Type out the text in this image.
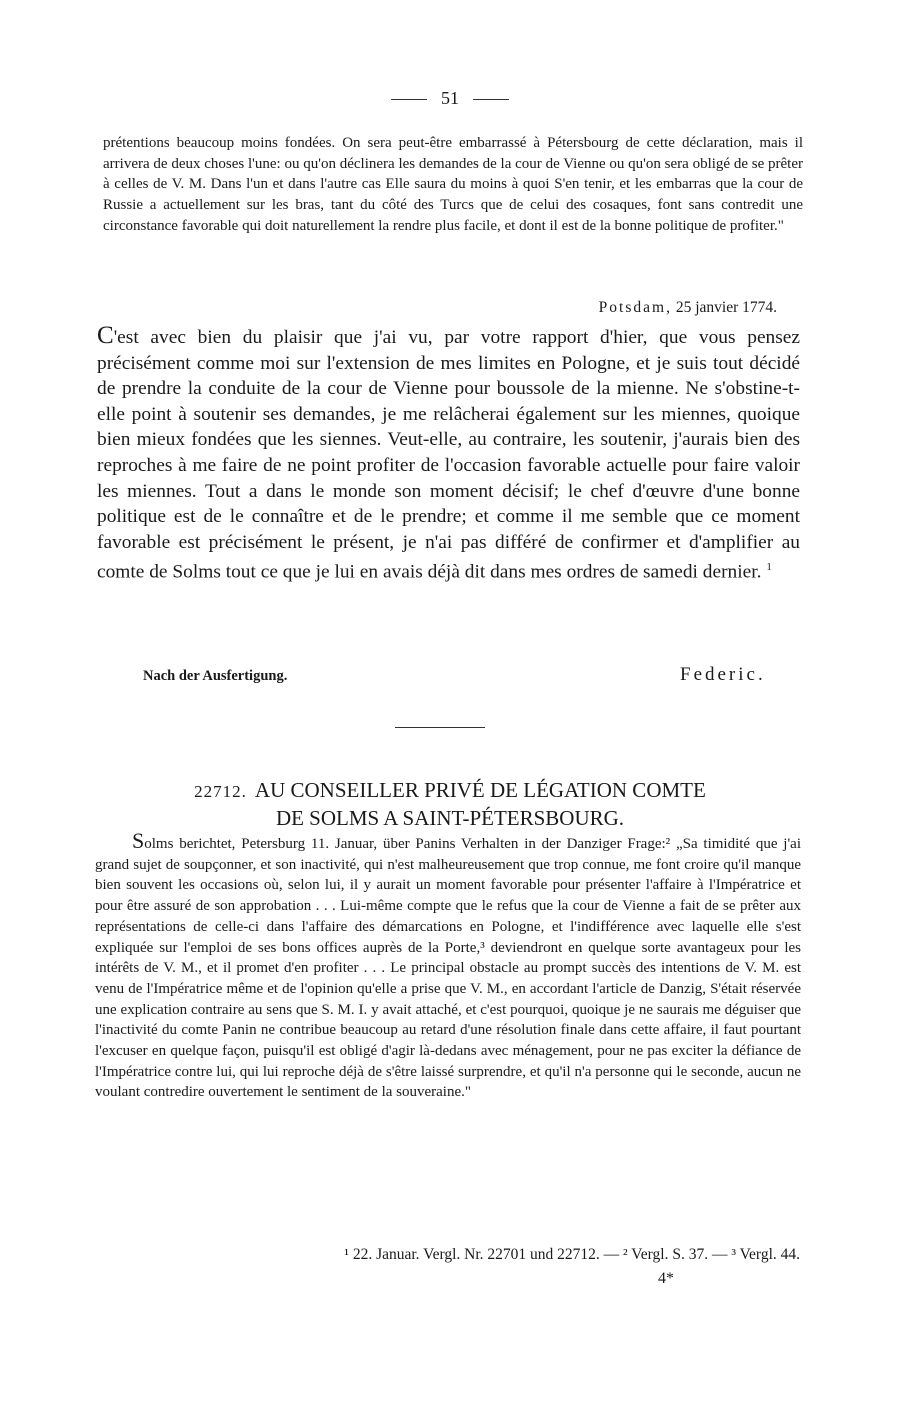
51
prétentions beaucoup moins fondées. On sera peut-être embarrassé à Pétersbourg de cette déclaration, mais il arrivera de deux choses l'une: ou qu'on déclinera les demandes de la cour de Vienne ou qu'on sera obligé de se prêter à celles de V. M. Dans l'un et dans l'autre cas Elle saura du moins à quoi S'en tenir, et les embarras que la cour de Russie a actuellement sur les bras, tant du côté des Turcs que de celui des cosaques, font sans contredit une circonstance favorable qui doit naturellement la rendre plus facile, et dont il est de la bonne politique de profiter."
Potsdam, 25 janvier 1774.
C'est avec bien du plaisir que j'ai vu, par votre rapport d'hier, que vous pensez précisément comme moi sur l'extension de mes limites en Pologne, et je suis tout décidé de prendre la conduite de la cour de Vienne pour boussole de la mienne. Ne s'obstine-t-elle point à soutenir ses demandes, je me relâcherai également sur les miennes, quoique bien mieux fondées que les siennes. Veut-elle, au contraire, les soutenir, j'aurais bien des reproches à me faire de ne point profiter de l'occasion favorable actuelle pour faire valoir les miennes. Tout a dans le monde son moment décisif; le chef d'œuvre d'une bonne politique est de le connaître et de le prendre; et comme il me semble que ce moment favorable est précisément le présent, je n'ai pas différé de confirmer et d'amplifier au comte de Solms tout ce que je lui en avais déjà dit dans mes ordres de samedi dernier. $^1$
Nach der Ausfertigung.	Federic.
22712. AU CONSEILLER PRIVÉ DE LÉGATION COMTE
DE SOLMS A SAINT-PÉTERSBOURG.
Solms berichtet, Petersburg 11. Januar, über Panins Verhalten in der Danziger Frage:² „Sa timidité que j'ai grand sujet de soupçonner, et son inactivité, qui n'est malheureusement que trop connue, me font croire qu'il manque bien souvent les occasions où, selon lui, il y aurait un moment favorable pour présenter l'affaire à l'Impératrice et pour être assuré de son approbation . . . Lui-même compte que le refus que la cour de Vienne a fait de se prêter aux représentations de celle-ci dans l'affaire des démarcations en Pologne, et l'indifférence avec laquelle elle s'est expliquée sur l'emploi de ses bons offices auprès de la Porte,³ deviendront en quelque sorte avantageux pour les intérêts de V. M., et il promet d'en profiter . . . Le principal obstacle au prompt succès des intentions de V. M. est venu de l'Impératrice même et de l'opinion qu'elle a prise que V. M., en accordant l'article de Danzig, S'était réservée une explication contraire au sens que S. M. I. y avait attaché, et c'est pourquoi, quoique je ne saurais me déguiser que l'inactivité du comte Panin ne contribue beaucoup au retard d'une résolution finale dans cette affaire, il faut pourtant l'excuser en quelque façon, puisqu'il est obligé d'agir là-dedans avec ménagement, pour ne pas exciter la défiance de l'Impératrice contre lui, qui lui reproche déjà de s'être laissé surprendre, et qu'il n'a personne qui le seconde, aucun ne voulant contredire ouvertement le sentiment de la souveraine."
¹ 22. Januar. Vergl. Nr. 22701 und 22712. — ² Vergl. S. 37. — ³ Vergl. 44.
4*
